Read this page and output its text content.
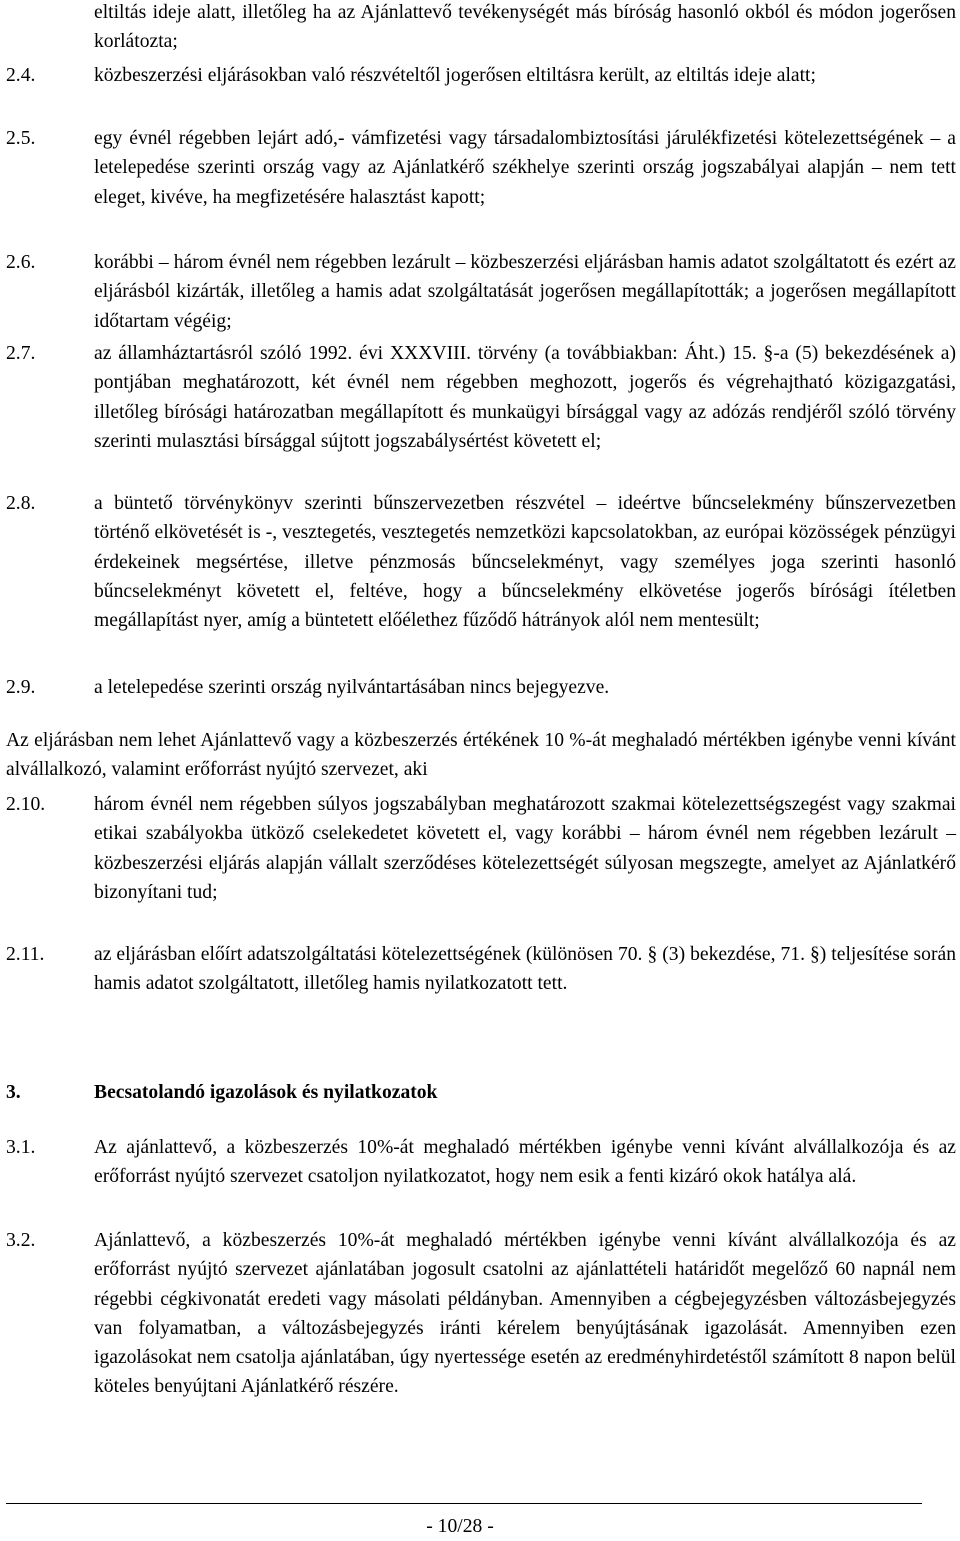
eltiltás ideje alatt, illetőleg ha az Ajánlattevő tevékenységét más bíróság hasonló okból és módon jogerősen korlátozta;
2.4.	közbeszerzési eljárásokban való részvételtől jogerősen eltiltásra került, az eltiltás ideje alatt;
2.5.	egy évnél régebben lejárt adó,- vámfizetési vagy társadalombiztosítási járulékfizetési kötelezettségének – a letelepedése szerinti ország vagy az Ajánlatkérő székhelye szerinti ország jogszabályai alapján – nem tett eleget, kivéve, ha megfizetésére halasztást kapott;
2.6.	korábbi – három évnél nem régebben lezárult – közbeszerzési eljárásban hamis adatot szolgáltatott és ezért az eljárásból kizárták, illetőleg a hamis adat szolgáltatását jogerősen megállapították; a jogerősen megállapított időtartam végéig;
2.7.	az államháztartásról szóló 1992. évi XXXVIII. törvény (a továbbiakban: Áht.) 15. §-a (5) bekezdésének a) pontjában meghatározott, két évnél nem régebben meghozott, jogerős és végrehajtható közigazgatási, illetőleg bírósági határozatban megállapított és munkaügyi bírsággal vagy az adózás rendjéről szóló törvény szerinti mulasztási bírsággal sújtott jogszabálysértést követett el;
2.8.	a büntető törvénykönyv szerinti bűnszervezetben részvétel – ideértve bűncselekmény bűnszervezetben történő elkövetését is -, vesztegetés, vesztegetés nemzetközi kapcsolatokban, az európai közösségek pénzügyi érdekeinek megsértése, illetve pénzmosás bűncselekményt, vagy személyes joga szerinti hasonló bűncselekményt követett el, feltéve, hogy a bűncselekmény elkövetése jogerős bírósági ítéletben megállapítást nyer, amíg a büntetett előélethez fűződő hátrányok alól nem mentesült;
2.9.	a letelepedése szerinti ország nyilvántartásában nincs bejegyezve.
Az eljárásban nem lehet Ajánlattevő vagy a közbeszerzés értékének 10 %-át meghaladó mértékben igénybe venni kívánt alvállalkozó, valamint erőforrást nyújtó szervezet, aki
2.10. három évnél nem régebben súlyos jogszabályban meghatározott szakmai kötelezettségszegést vagy szakmai etikai szabályokba ütköző cselekedetet követett el, vagy korábbi – három évnél nem régebben lezárult – közbeszerzési eljárás alapján vállalt szerződéses kötelezettségét súlyosan megszegte, amelyet az Ajánlatkérő bizonyítani tud;
2.11.	az eljárásban előírt adatszolgáltatási kötelezettségének (különösen 70. § (3) bekezdése, 71. §) teljesítése során hamis adatot szolgáltatott, illetőleg hamis nyilatkozatott tett.
3.	Becsatolandó igazolások és nyilatkozatok
3.1.	Az ajánlattevő, a közbeszerzés 10%-át meghaladó mértékben igénybe venni kívánt alvállalkozója és az erőforrást nyújtó szervezet csatoljon nyilatkozatot, hogy nem esik a fenti kizáró okok hatálya alá.
3.2.	Ajánlattevő, a közbeszerzés 10%-át meghaladó mértékben igénybe venni kívánt alvállalkozója és az erőforrást nyújtó szervezet ajánlatában jogosult csatolni az ajánlattételi határidőt megelőző 60 napnál nem régebbi cégkivonatát eredeti vagy másolati példányban. Amennyiben a cégbejegyzésben változásbejegyzés van folyamatban, a változásbejegyzés iránti kérelem benyújtásának igazolását. Amennyiben ezen igazolásokat nem csatolja ajánlatában, úgy nyertessége esetén az eredményhirdetéstől számított 8 napon belül köteles benyújtani Ajánlatkérő részére.
- 10/28 -
